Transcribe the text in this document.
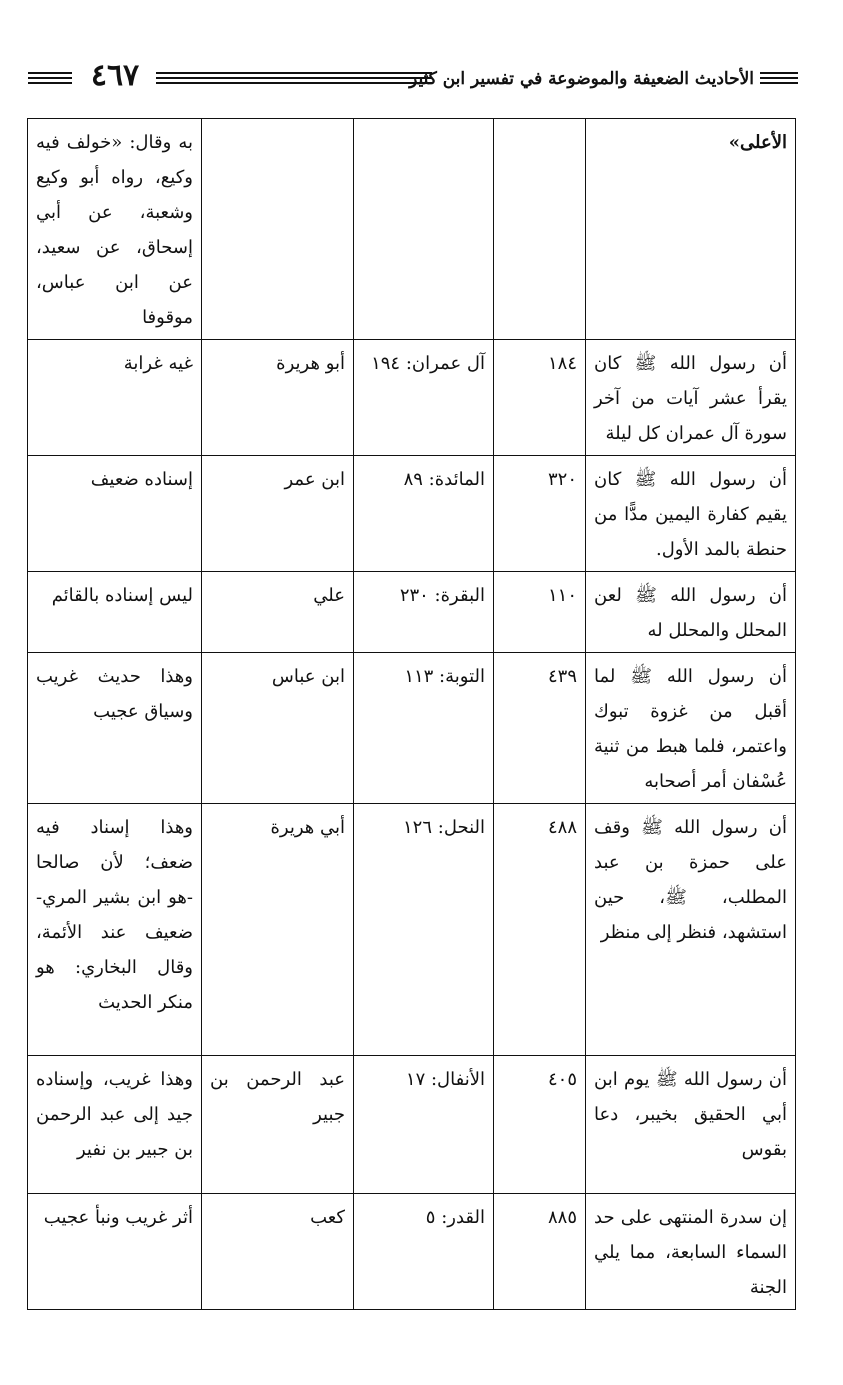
٤٦٧	الأحاديث الضعيفة والموضوعة في تفسير ابن كثير
الأعلى»				به وقال: «خولف فيه وكيع، رواه أبو وكيع وشعبة، عن أبي إسحاق، عن سعيد، عن ابن عباس، موقوفا
أن رسول الله ﷺ كان يقرأ عشر آيات من آخر سورة آل عمران كل ليلة	١٨٤	آل عمران: ١٩٤	أبو هريرة	غيه غرابة
أن رسول الله ﷺ كان يقيم كفارة اليمين مدًّا من حنطة بالمد الأول.	٣٢٠	المائدة: ٨٩	ابن عمر	إسناده ضعيف
أن رسول الله ﷺ لعن المحلل والمحلل له	١١٠	البقرة: ٢٣٠	علي	ليس إسناده بالقائم
أن رسول الله ﷺ لما أقبل من غزوة تبوك واعتمر، فلما هبط من ثنية عُسْفان أمر أصحابه	٤٣٩	التوبة: ١١٣	ابن عباس	وهذا حديث غريب وسياق عجيب
أن رسول الله ﷺ وقف على حمزة بن عبد المطلب، ﷺ، حين استشهد، فنظر إلى منظر	٤٨٨	النحل: ١٢٦	أبي هريرة	وهذا إسناد فيه ضعف؛ لأن صالحا -هو ابن بشير المري- ضعيف عند الأئمة، وقال البخاري: هو منكر الحديث
أن رسول الله ﷺ يوم ابن أبي الحقيق بخيبر، دعا بقوس	٤٠٥	الأنفال: ١٧	عبد الرحمن بن جبير	وهذا غريب، وإسناده جيد إلى عبد الرحمن بن جبير بن نفير
إن سدرة المنتهى على حد السماء السابعة، مما يلي الجنة	٨٨٥	القدر: ٥	كعب	أثر غريب ونبأ عجيب
